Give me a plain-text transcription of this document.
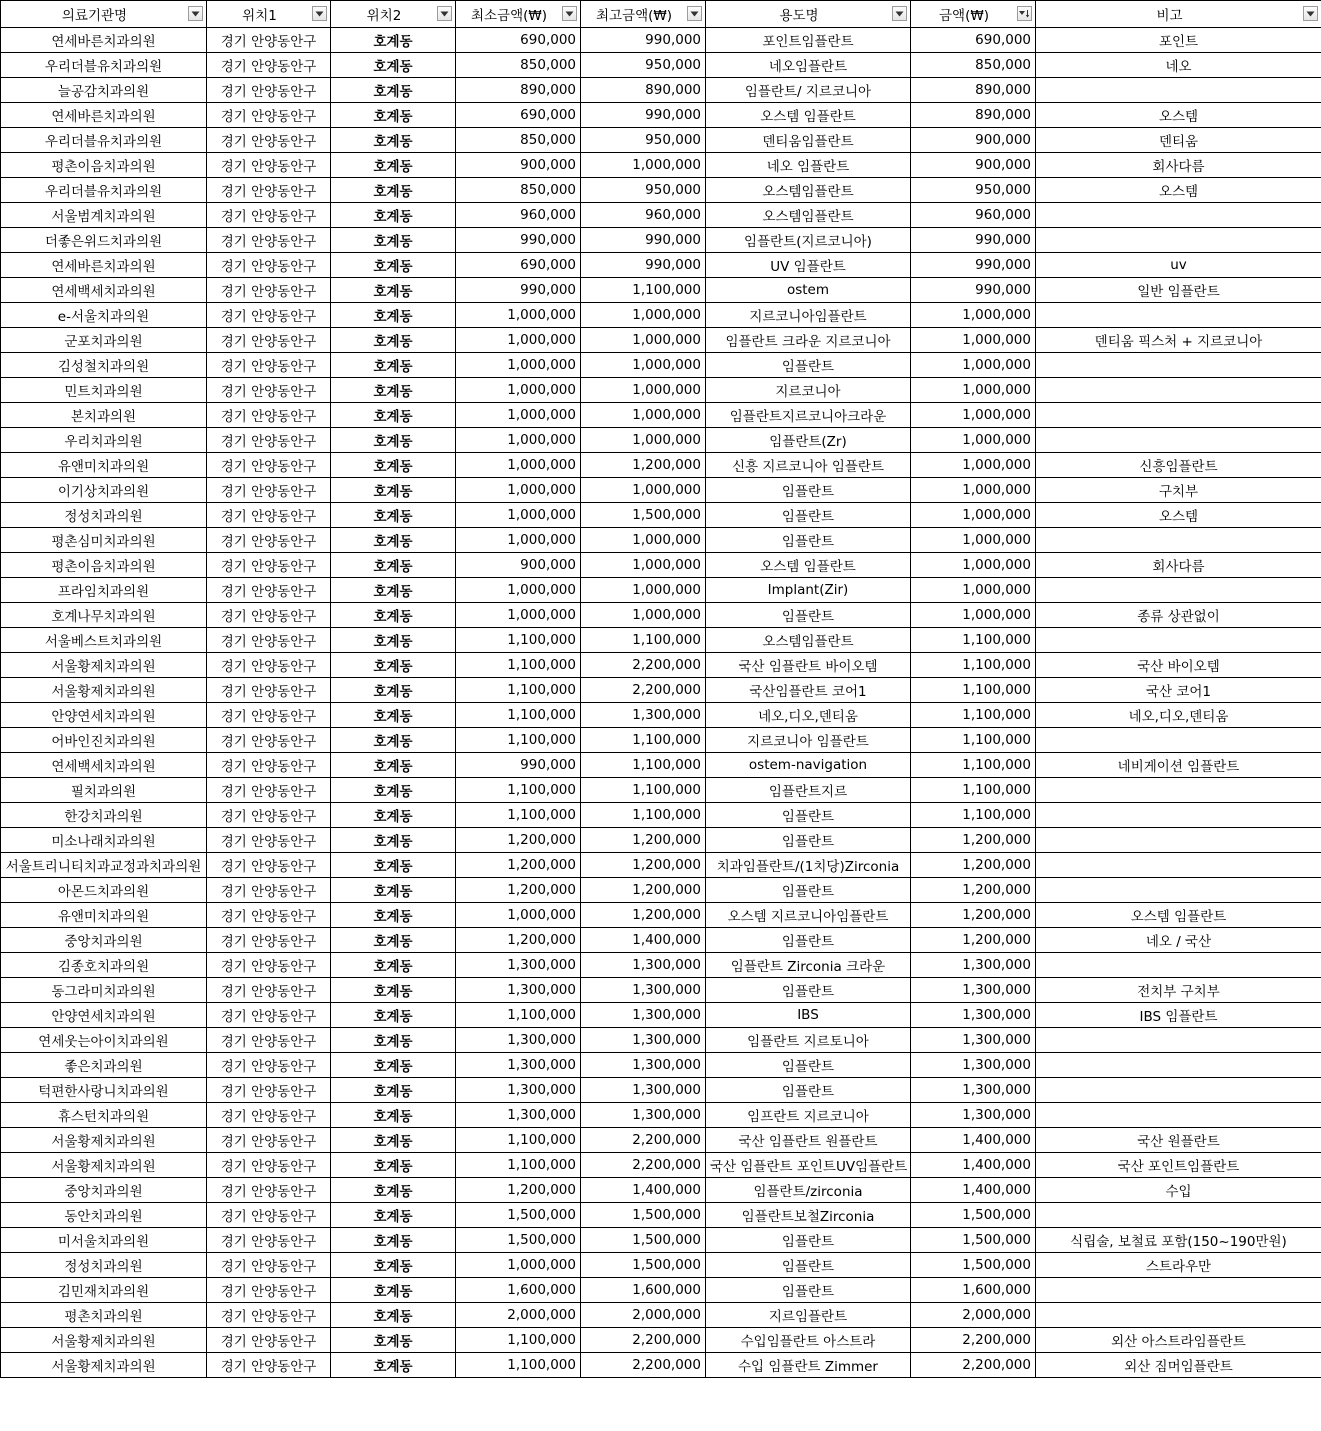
의료기관명	위치1	위치2	최소금액(₩)	최고금액(₩)	용도명	금액(₩)	비고

연세바른치과의원	경기 안양동안구	호계동	690,000	990,000	포인트임플란트	690,000	포인트
우리더블유치과의원	경기 안양동안구	호계동	850,000	950,000	네오임플란트	850,000	네오
늘공감치과의원	경기 안양동안구	호계동	890,000	890,000	임플란트/ 지르코니아	890,000	
연세바른치과의원	경기 안양동안구	호계동	690,000	990,000	오스템 임플란트	890,000	오스템
우리더블유치과의원	경기 안양동안구	호계동	850,000	950,000	덴티움임플란트	900,000	덴티움
평촌이음치과의원	경기 안양동안구	호계동	900,000	1,000,000	네오 임플란트	900,000	회사다름
우리더블유치과의원	경기 안양동안구	호계동	850,000	950,000	오스템임플란트	950,000	오스템
서울범계치과의원	경기 안양동안구	호계동	960,000	960,000	오스템임플란트	960,000	
더좋은위드치과의원	경기 안양동안구	호계동	990,000	990,000	임플란트(지르코니아)	990,000	
연세바른치과의원	경기 안양동안구	호계동	690,000	990,000	UV 임플란트	990,000	uv
연세백세치과의원	경기 안양동안구	호계동	990,000	1,100,000	ostem	990,000	일반 임플란트
e-서울치과의원	경기 안양동안구	호계동	1,000,000	1,000,000	지르코니아임플란트	1,000,000	
군포치과의원	경기 안양동안구	호계동	1,000,000	1,000,000	임플란트 크라운 지르코니아	1,000,000	덴티움 픽스처 + 지르코니아
김성철치과의원	경기 안양동안구	호계동	1,000,000	1,000,000	임플란트	1,000,000	
민트치과의원	경기 안양동안구	호계동	1,000,000	1,000,000	지르코니아	1,000,000	
본치과의원	경기 안양동안구	호계동	1,000,000	1,000,000	임플란트지르코니아크라운	1,000,000	
우리치과의원	경기 안양동안구	호계동	1,000,000	1,000,000	임플란트(Zr)	1,000,000	
유앤미치과의원	경기 안양동안구	호계동	1,000,000	1,200,000	신흥 지르코니아 임플란트	1,000,000	신흥임플란트
이기상치과의원	경기 안양동안구	호계동	1,000,000	1,000,000	임플란트	1,000,000	구치부
정성치과의원	경기 안양동안구	호계동	1,000,000	1,500,000	임플란트	1,000,000	오스템
평촌심미치과의원	경기 안양동안구	호계동	1,000,000	1,000,000	임플란트	1,000,000	
평촌이음치과의원	경기 안양동안구	호계동	900,000	1,000,000	오스템 임플란트	1,000,000	회사다름
프라임치과의원	경기 안양동안구	호계동	1,000,000	1,000,000	Implant(Zir)	1,000,000	
호계나무치과의원	경기 안양동안구	호계동	1,000,000	1,000,000	임플란트	1,000,000	종류 상관없이
서울베스트치과의원	경기 안양동안구	호계동	1,100,000	1,100,000	오스템임플란트	1,100,000	
서울황제치과의원	경기 안양동안구	호계동	1,100,000	2,200,000	국산 임플란트 바이오템	1,100,000	국산 바이오템
서울황제치과의원	경기 안양동안구	호계동	1,100,000	2,200,000	국산임플란트 코어1	1,100,000	국산 코어1
안양연세치과의원	경기 안양동안구	호계동	1,100,000	1,300,000	네오,디오,덴티움	1,100,000	네오,디오,덴티움
어바인진치과의원	경기 안양동안구	호계동	1,100,000	1,100,000	지르코니아 임플란트	1,100,000	
연세백세치과의원	경기 안양동안구	호계동	990,000	1,100,000	ostem-navigation	1,100,000	네비게이션 임플란트
필치과의원	경기 안양동안구	호계동	1,100,000	1,100,000	임플란트지르	1,100,000	
한강치과의원	경기 안양동안구	호계동	1,100,000	1,100,000	임플란트	1,100,000	
미소나래치과의원	경기 안양동안구	호계동	1,200,000	1,200,000	임플란트	1,200,000	
서울트리니티치과교정과치과의원	경기 안양동안구	호계동	1,200,000	1,200,000	치과임플란트/(1치당)Zirconia	1,200,000	
아몬드치과의원	경기 안양동안구	호계동	1,200,000	1,200,000	임플란트	1,200,000	
유앤미치과의원	경기 안양동안구	호계동	1,000,000	1,200,000	오스템 지르코니아임플란트	1,200,000	오스템 임플란트
중앙치과의원	경기 안양동안구	호계동	1,200,000	1,400,000	임플란트	1,200,000	네오 / 국산
김종호치과의원	경기 안양동안구	호계동	1,300,000	1,300,000	임플란트 Zirconia 크라운	1,300,000	
동그라미치과의원	경기 안양동안구	호계동	1,300,000	1,300,000	임플란트	1,300,000	전치부 구치부
안양연세치과의원	경기 안양동안구	호계동	1,100,000	1,300,000	IBS	1,300,000	IBS 임플란트
연세웃는아이치과의원	경기 안양동안구	호계동	1,300,000	1,300,000	임플란트 지르토니아	1,300,000	
좋은치과의원	경기 안양동안구	호계동	1,300,000	1,300,000	임플란트	1,300,000	
턱편한사랑니치과의원	경기 안양동안구	호계동	1,300,000	1,300,000	임플란트	1,300,000	
휴스턴치과의원	경기 안양동안구	호계동	1,300,000	1,300,000	임프란트 지르코니아	1,300,000	
서울황제치과의원	경기 안양동안구	호계동	1,100,000	2,200,000	국산 임플란트 원플란트	1,400,000	국산 원플란트
서울황제치과의원	경기 안양동안구	호계동	1,100,000	2,200,000	국산 임플란트 포인트UV임플란트	1,400,000	국산 포인트임플란트
중앙치과의원	경기 안양동안구	호계동	1,200,000	1,400,000	임플란트/zirconia	1,400,000	수입
동안치과의원	경기 안양동안구	호계동	1,500,000	1,500,000	임플란트보철Zirconia	1,500,000	
미서울치과의원	경기 안양동안구	호계동	1,500,000	1,500,000	임플란트	1,500,000	식립술, 보철료 포함(150~190만원)
정성치과의원	경기 안양동안구	호계동	1,000,000	1,500,000	임플란트	1,500,000	스트라우만
김민재치과의원	경기 안양동안구	호계동	1,600,000	1,600,000	임플란트	1,600,000	
평촌치과의원	경기 안양동안구	호계동	2,000,000	2,000,000	지르임플란트	2,000,000	
서울황제치과의원	경기 안양동안구	호계동	1,100,000	2,200,000	수입임플란트 아스트라	2,200,000	외산 아스트라임플란트
서울황제치과의원	경기 안양동안구	호계동	1,100,000	2,200,000	수입 임플란트 Zimmer	2,200,000	외산 짐머임플란트
